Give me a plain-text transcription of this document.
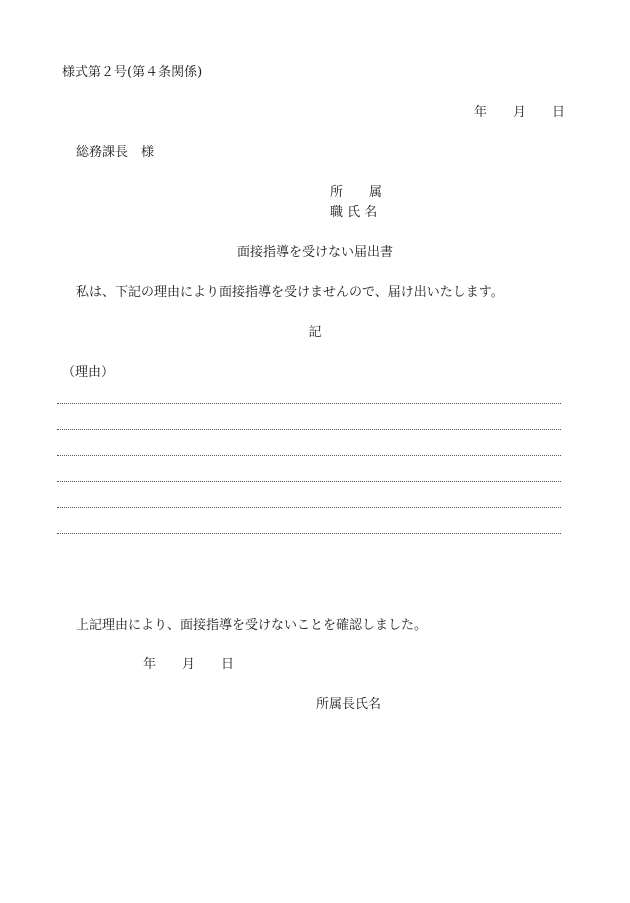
様式第２号(第４条関係)

年　　月　　日

総務課長　様

所　　属

職 氏 名

面接指導を受けない届出書

私は、下記の理由により面接指導を受けませんので、届け出いたします。

記

（理由）

上記理由により、面接指導を受けないことを確認しました。

年　　月　　日

所属長氏名
